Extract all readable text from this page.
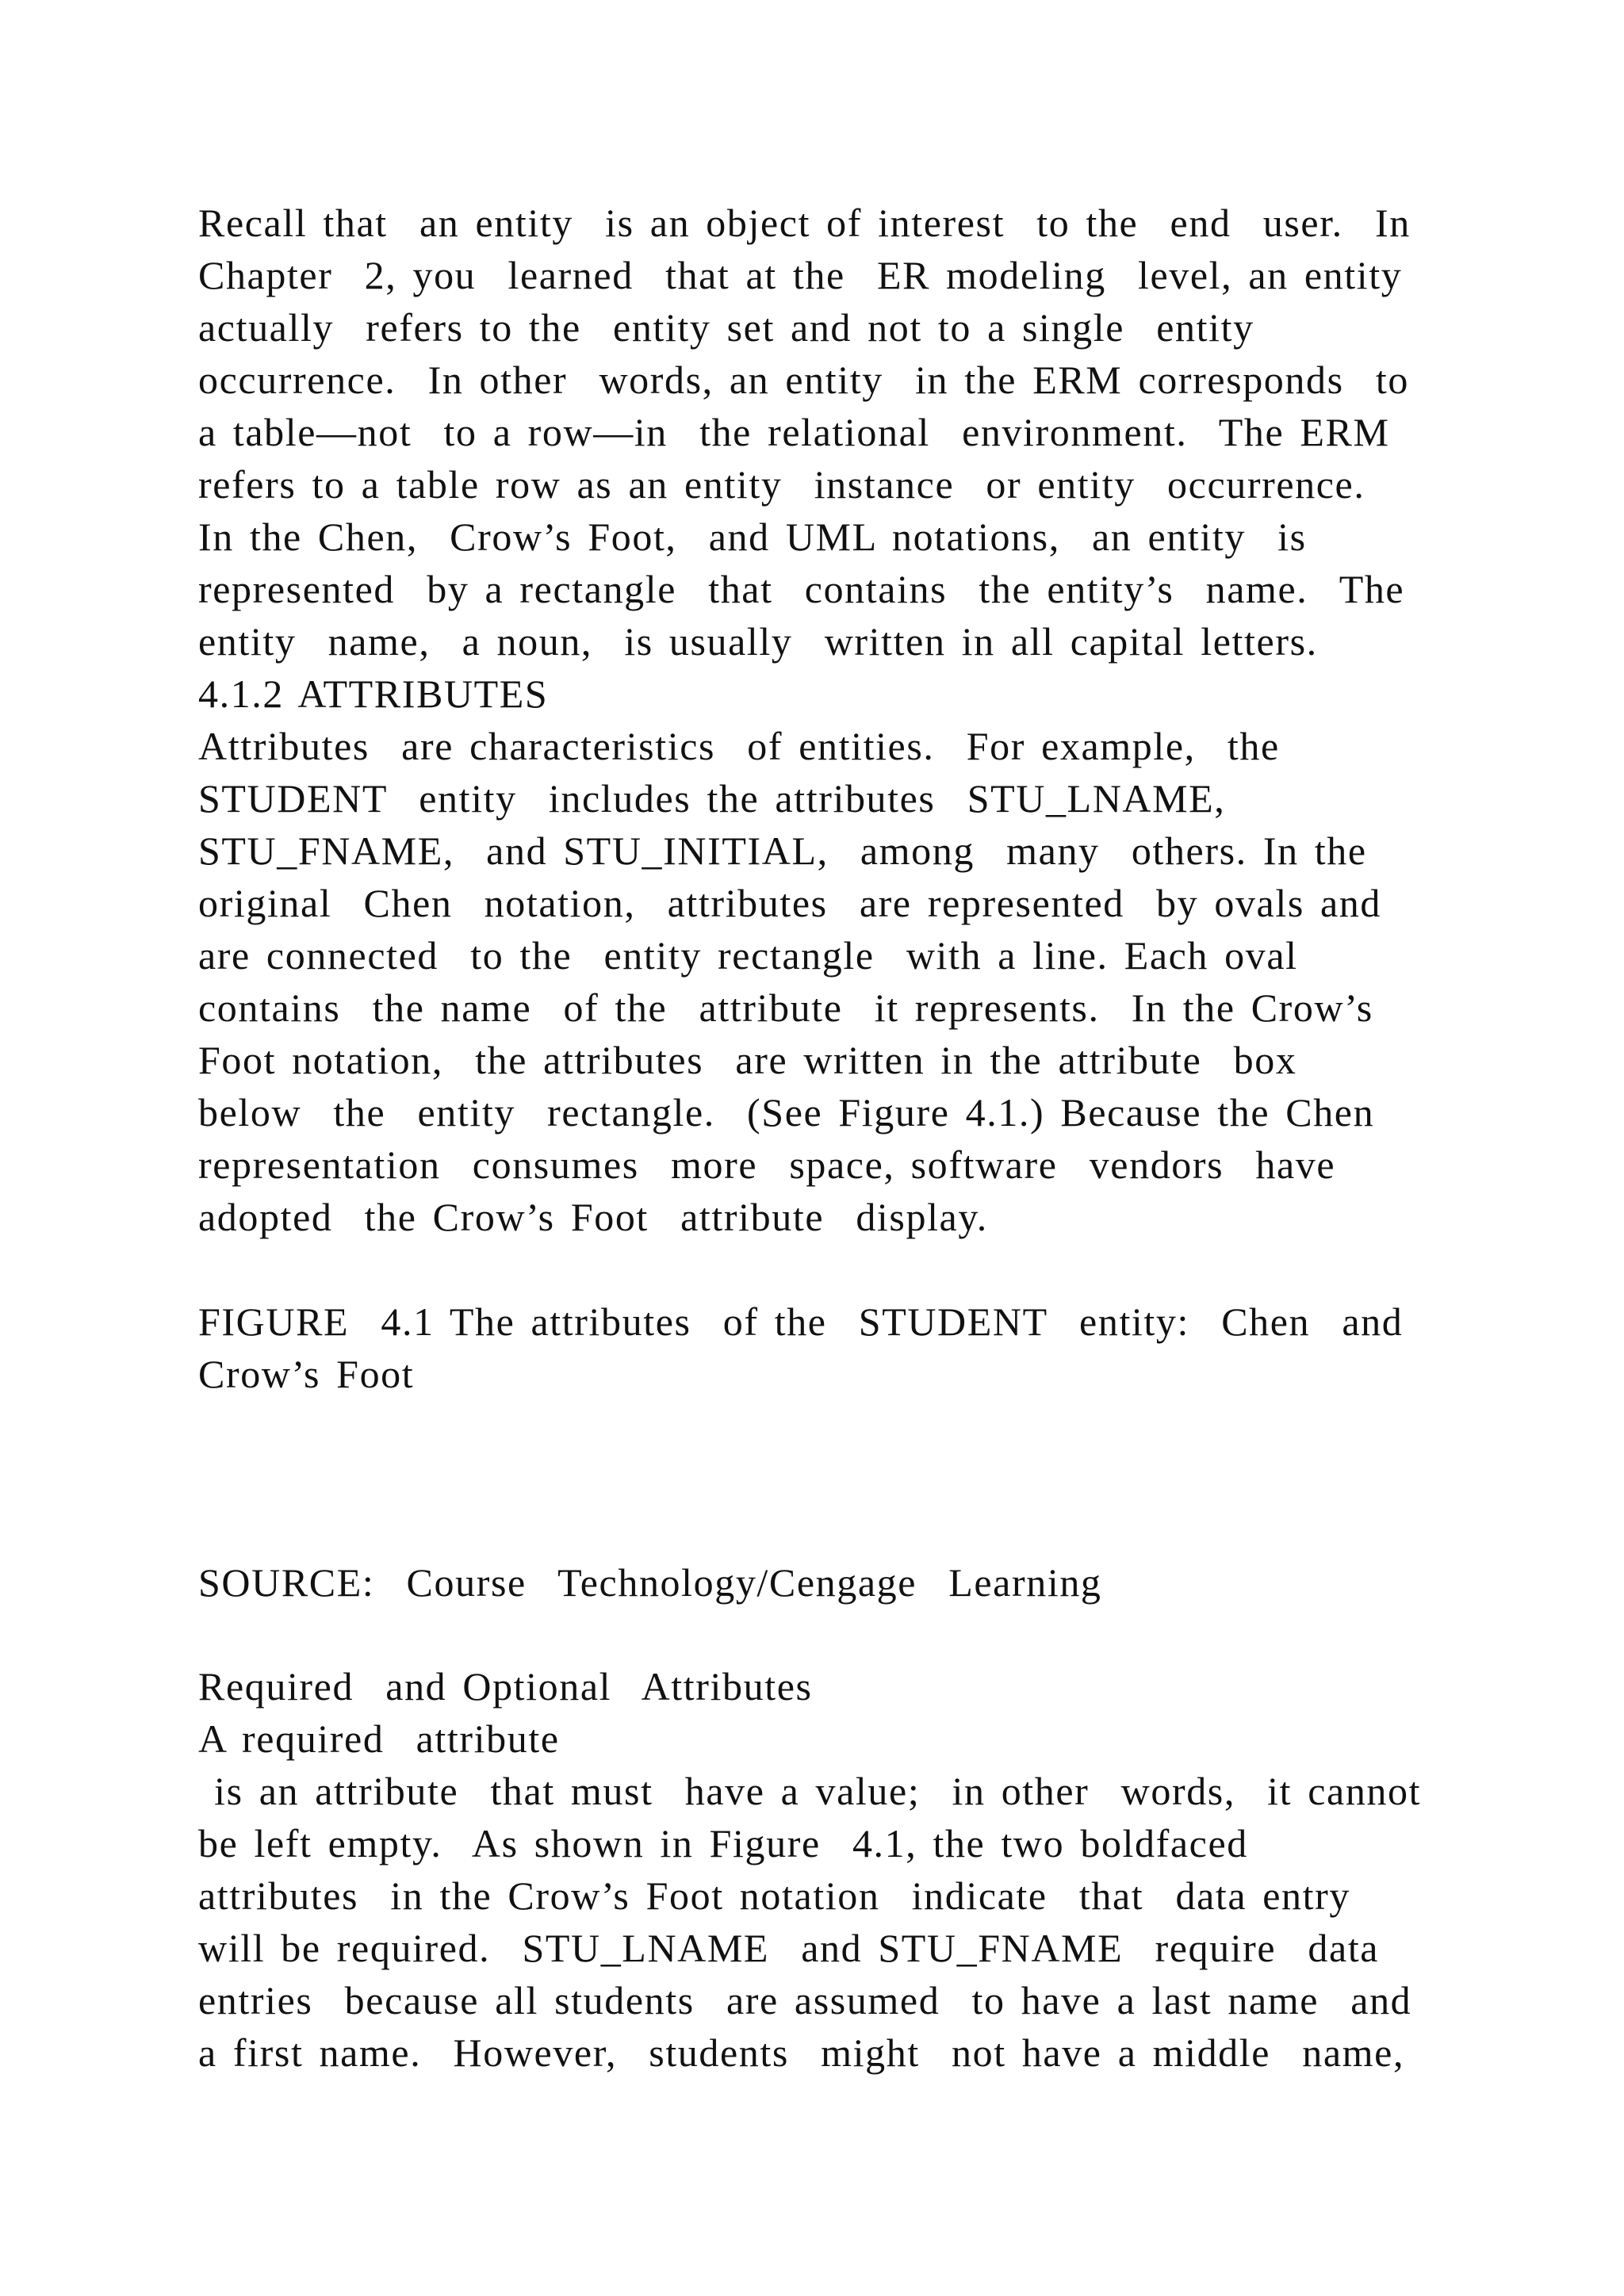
Recall that  an entity  is an object of interest  to the  end  user.  In

Chapter  2, you  learned  that at the  ER modeling  level, an entity

actually  refers to the  entity set and not to a single  entity

occurrence.  In other  words, an entity  in the ERM corresponds  to

a table—not  to a row—in  the relational  environment.  The ERM

refers to a table row as an entity  instance  or entity  occurrence.

In the Chen,  Crow’s Foot,  and UML notations,  an entity  is

represented  by a rectangle  that  contains  the entity’s  name.  The

entity  name,  a noun,  is usually  written in all capital letters.

4.1.2 ATTRIBUTES

Attributes  are characteristics  of entities.  For example,  the

STUDENT  entity  includes the attributes  STU_LNAME,

STU_FNAME,  and STU_INITIAL,  among  many  others. In the

original  Chen  notation,  attributes  are represented  by ovals and

are connected  to the  entity rectangle  with a line. Each oval

contains  the name  of the  attribute  it represents.  In the Crow’s

Foot notation,  the attributes  are written in the attribute  box

below  the  entity  rectangle.  (See Figure 4.1.) Because the Chen

representation  consumes  more  space, software  vendors  have

adopted  the Crow’s Foot  attribute  display.

FIGURE  4.1 The attributes  of the  STUDENT  entity:  Chen  and

Crow’s Foot

SOURCE:  Course  Technology/Cengage  Learning

Required  and Optional  Attributes

A required  attribute

is an attribute  that must  have a value;  in other  words,  it cannot

be left empty.  As shown in Figure  4.1, the two boldfaced

attributes  in the Crow’s Foot notation  indicate  that  data entry

will be required.  STU_LNAME  and STU_FNAME  require  data

entries  because all students  are assumed  to have a last name  and

a first name.  However,  students  might  not have a middle  name,
